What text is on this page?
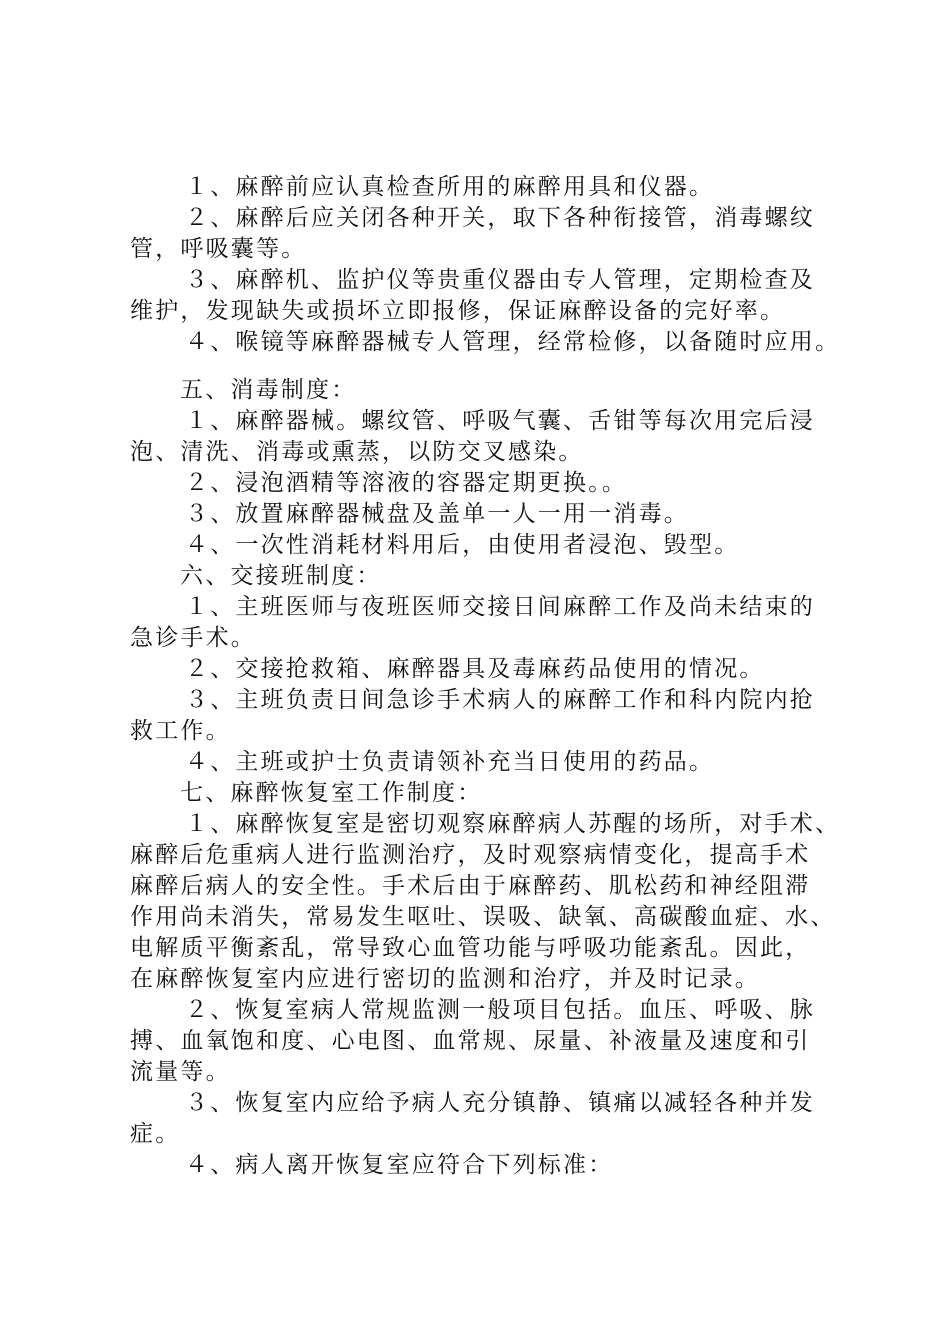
１、麻醉前应认真检查所用的麻醉用具和仪器。
２、麻醉后应关闭各种开关，取下各种衔接管，消毒螺纹
管，呼吸囊等。
３、麻醉机、监护仪等贵重仪器由专人管理，定期检查及
维护，发现缺失或损坏立即报修，保证麻醉设备的完好率。
４、喉镜等麻醉器械专人管理，经常检修，以备随时应用。
五、消毒制度：
１、麻醉器械。螺纹管、呼吸气囊、舌钳等每次用完后浸
泡、清洗、消毒或熏蒸，以防交叉感染。
２、浸泡酒精等溶液的容器定期更换。。
３、放置麻醉器械盘及盖单一人一用一消毒。
４、一次性消耗材料用后，由使用者浸泡、毁型。
六、交接班制度：
１、主班医师与夜班医师交接日间麻醉工作及尚未结束的
急诊手术。
２、交接抢救箱、麻醉器具及毒麻药品使用的情况。
３、主班负责日间急诊手术病人的麻醉工作和科内院内抢
救工作。
４、主班或护士负责请领补充当日使用的药品。
七、麻醉恢复室工作制度：
１、麻醉恢复室是密切观察麻醉病人苏醒的场所，对手术、
麻醉后危重病人进行监测治疗，及时观察病情变化，提高手术
麻醉后病人的安全性。手术后由于麻醉药、肌松药和神经阻滞
作用尚未消失，常易发生呕吐、误吸、缺氧、高碳酸血症、水、
电解质平衡紊乱，常导致心血管功能与呼吸功能紊乱。因此，
在麻醉恢复室内应进行密切的监测和治疗，并及时记录。
２、恢复室病人常规监测一般项目包括。血压、呼吸、脉
搏、血氧饱和度、心电图、血常规、尿量、补液量及速度和引
流量等。
３、恢复室内应给予病人充分镇静、镇痛以减轻各种并发
症。
４、病人离开恢复室应符合下列标准：
